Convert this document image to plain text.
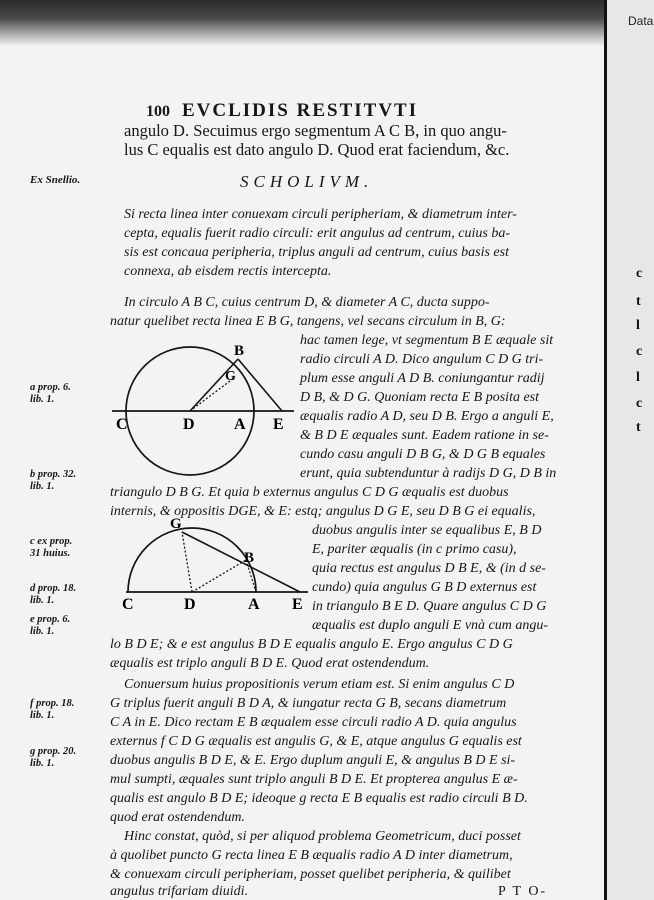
Data
c
t
l
c
l
c
t
100 EVCLIDIS RESTITVTI
angulo D. Secuimus ergo segmentum A C B, in quo angu-
lus C equalis est dato angulo D. Quod erat faciendum, &c.
Ex Snellio.	SCHOLIVM.
Si recta linea inter conuexam circuli peripheriam, & diametrum inter-
cepta, equalis fuerit radio circuli: erit angulus ad centrum, cuius ba-
sis est concaua peripheria, triplus anguli ad centrum, cuius basis est
connexa, ab eisdem rectis intercepta.
In circulo A B C, cuius centrum D, & diameter A C, ducta suppo-
natur quelibet recta linea E B G, tangens, vel secans circulum in B, G:
hac tamen lege, vt segmentum B E æquale sit
radio circuli A D. Dico angulum C D G tri-
plum esse anguli A D B. coniungantur radij
D B, & D G. Quoniam recta E B posita est
æqualis radio A D, seu D B. Ergo a anguli E,
& B D E æquales sunt. Eadem ratione in se-
cundo casu anguli D B G, & D G B equales
erunt, quia subtenduntur à radijs D G, D B in
triangulo D B G. Et quia b externus angulus C D G æqualis est duobus
internis, & oppositis DGE, & E: estq; angulus D G E, seu D B G ei equalis,
duobus angulis inter se equalibus E, B D
E, pariter æqualis (in c primo casu),
quia rectus est angulus D B E, & (in d se-
cundo) quia angulus G B D externus est
in triangulo B E D. Quare angulus C D G
æqualis est duplo anguli E vnà cum angu-
lo B D E; & e est angulus B D E equalis angulo E. Ergo angulus C D G
æqualis est triplo anguli B D E. Quod erat ostendendum.
Conuersum huius propositionis verum etiam est. Si enim angulus C D
G triplus fuerit anguli B D A, & iungatur recta G B, secans diametrum
C A in E. Dico rectam E B æqualem esse circuli radio A D. quia angulus
externus f C D G æqualis est angulis G, & E, atque angulus G equalis est
duobus angulis B D E, & E. Ergo duplum anguli E, & angulus B D E si-
mul sumpti, æquales sunt triplo anguli B D E. Et propterea angulus E æ-
qualis est angulo B D E; ideoque g recta E B equalis est radio circuli B D.
quod erat ostendendum.
Hinc constat, quòd, si per aliquod problema Geometricum, duci posset
à quolibet puncto G recta linea E B æqualis radio A D inter diametrum,
& conuexam circuli peripheriam, posset quelibet peripheria, & quilibet
angulus trifariam diuidi.	P T O-
a prop. 6.
lib. 1.
b prop. 32.
lib. 1.
c ex prop.
31 huius.
d prop. 18.
lib. 1.
e prop. 6.
lib. 1.
f prop. 18.
lib. 1.
g prop. 20.
lib. 1.
B
G
C	D A E
G
B
C	D	A E
